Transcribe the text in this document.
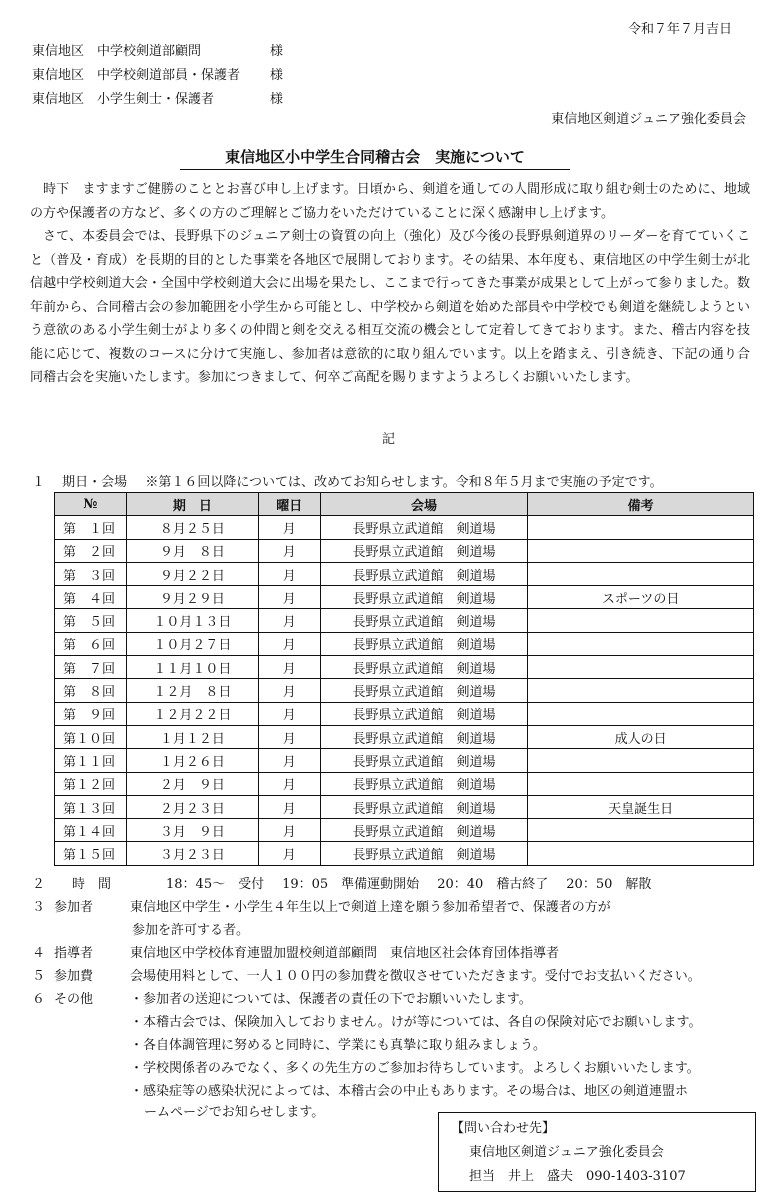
令和７年７月吉日
東信地区　中学校剣道部顧問	様
東信地区　中学校剣道部員・保護者 様
東信地区　小学生剣士・保護者	様
東信地区剣道ジュニア強化委員会
東信地区小中学生合同稽古会　実施について

時下　ますますご健勝のこととお喜び申し上げます。日頃から、剣道を通しての人間形成に取り組む剣士のために、地域の方や保護者の方など、多くの方のご理解とご協力をいただけていることに深く感謝申し上げます。

さて、本委員会では、長野県下のジュニア剣士の資質の向上（強化）及び今後の長野県剣道界のリーダーを育てていくこと（普及・育成）を長期的目的とした事業を各地区で展開しております。その結果、本年度も、東信地区の中学生剣士が北信越中学校剣道大会・全国中学校剣道大会に出場を果たし、ここまで行ってきた事業が成果として上がって参りました。数年前から、合同稽古会の参加範囲を小学生から可能とし、中学校から剣道を始めた部員や中学校でも剣道を継続しようという意欲のある小学生剣士がより多くの仲間と剣を交える相互交流の機会として定着してきております。また、稽古内容を技能に応じて、複数のコースに分けて実施し、参加者は意欲的に取り組んでいます。以上を踏まえ、引き続き、下記の通り合同稽古会を実施いたします。参加につきまして、何卒ご高配を賜りますようよろしくお願いいたします。

記
１　 期日・会場 ※第１６回以降については、改めてお知らせします。令和８年５月まで実施の予定です。
№	期　日	曜日	会場	備考
第　１回	８月２５日	月	長野県立武道館　剣道場	
第　２回	９月　８日	月	長野県立武道館　剣道場	
第　３回	９月２２日	月	長野県立武道館　剣道場	
第　４回	９月２９日	月	長野県立武道館　剣道場	スポーツの日
第　５回	１０月１３日	月	長野県立武道館　剣道場	
第　６回	１０月２７日	月	長野県立武道館　剣道場	
第　７回	１１月１０日	月	長野県立武道館　剣道場	
第　８回	１２月　８日	月	長野県立武道館　剣道場	
第　９回	１２月２２日	月	長野県立武道館　剣道場	
第１０回	１月１２日	月	長野県立武道館　剣道場	成人の日
第１１回	１月２６日	月	長野県立武道館　剣道場	
第１２回	２月　９日	月	長野県立武道館　剣道場	
第１３回	２月２３日	月	長野県立武道館　剣道場	天皇誕生日
第１４回	３月　９日	月	長野県立武道館　剣道場	
第１５回	３月２３日	月	長野県立武道館　剣道場	
２ 時　間	18：45～　受付 19：05　準備運動開始 20：40　稽古終了 20：50　解散
３ 参加者	東信地区中学生・小学生４年生以上で剣道上達を願う参加希望者で、保護者の方が
参加を許可する者。
４ 指導者	東信地区中学校体育連盟加盟校剣道部顧問　東信地区社会体育団体指導者
５ 参加費	会場使用料として、一人１００円の参加費を徴収させていただきます。受付でお支払いください。
６ その他	・参加者の送迎については、保護者の責任の下でお願いいたします。
・本稽古会では、保険加入しておりません。けが等については、各自の保険対応でお願いします。
・各自体調管理に努めると同時に、学業にも真摯に取り組みましょう。
・学校関係者のみでなく、多くの先生方のご参加お待ちしています。よろしくお願いいたします。
・感染症等の感染状況によっては、本稽古会の中止もあります。その場合は、地区の剣道連盟ホ
ームページでお知らせします。
【問い合わせ先】
東信地区剣道ジュニア強化委員会
担当　井上　盛夫　090-1403-3107
